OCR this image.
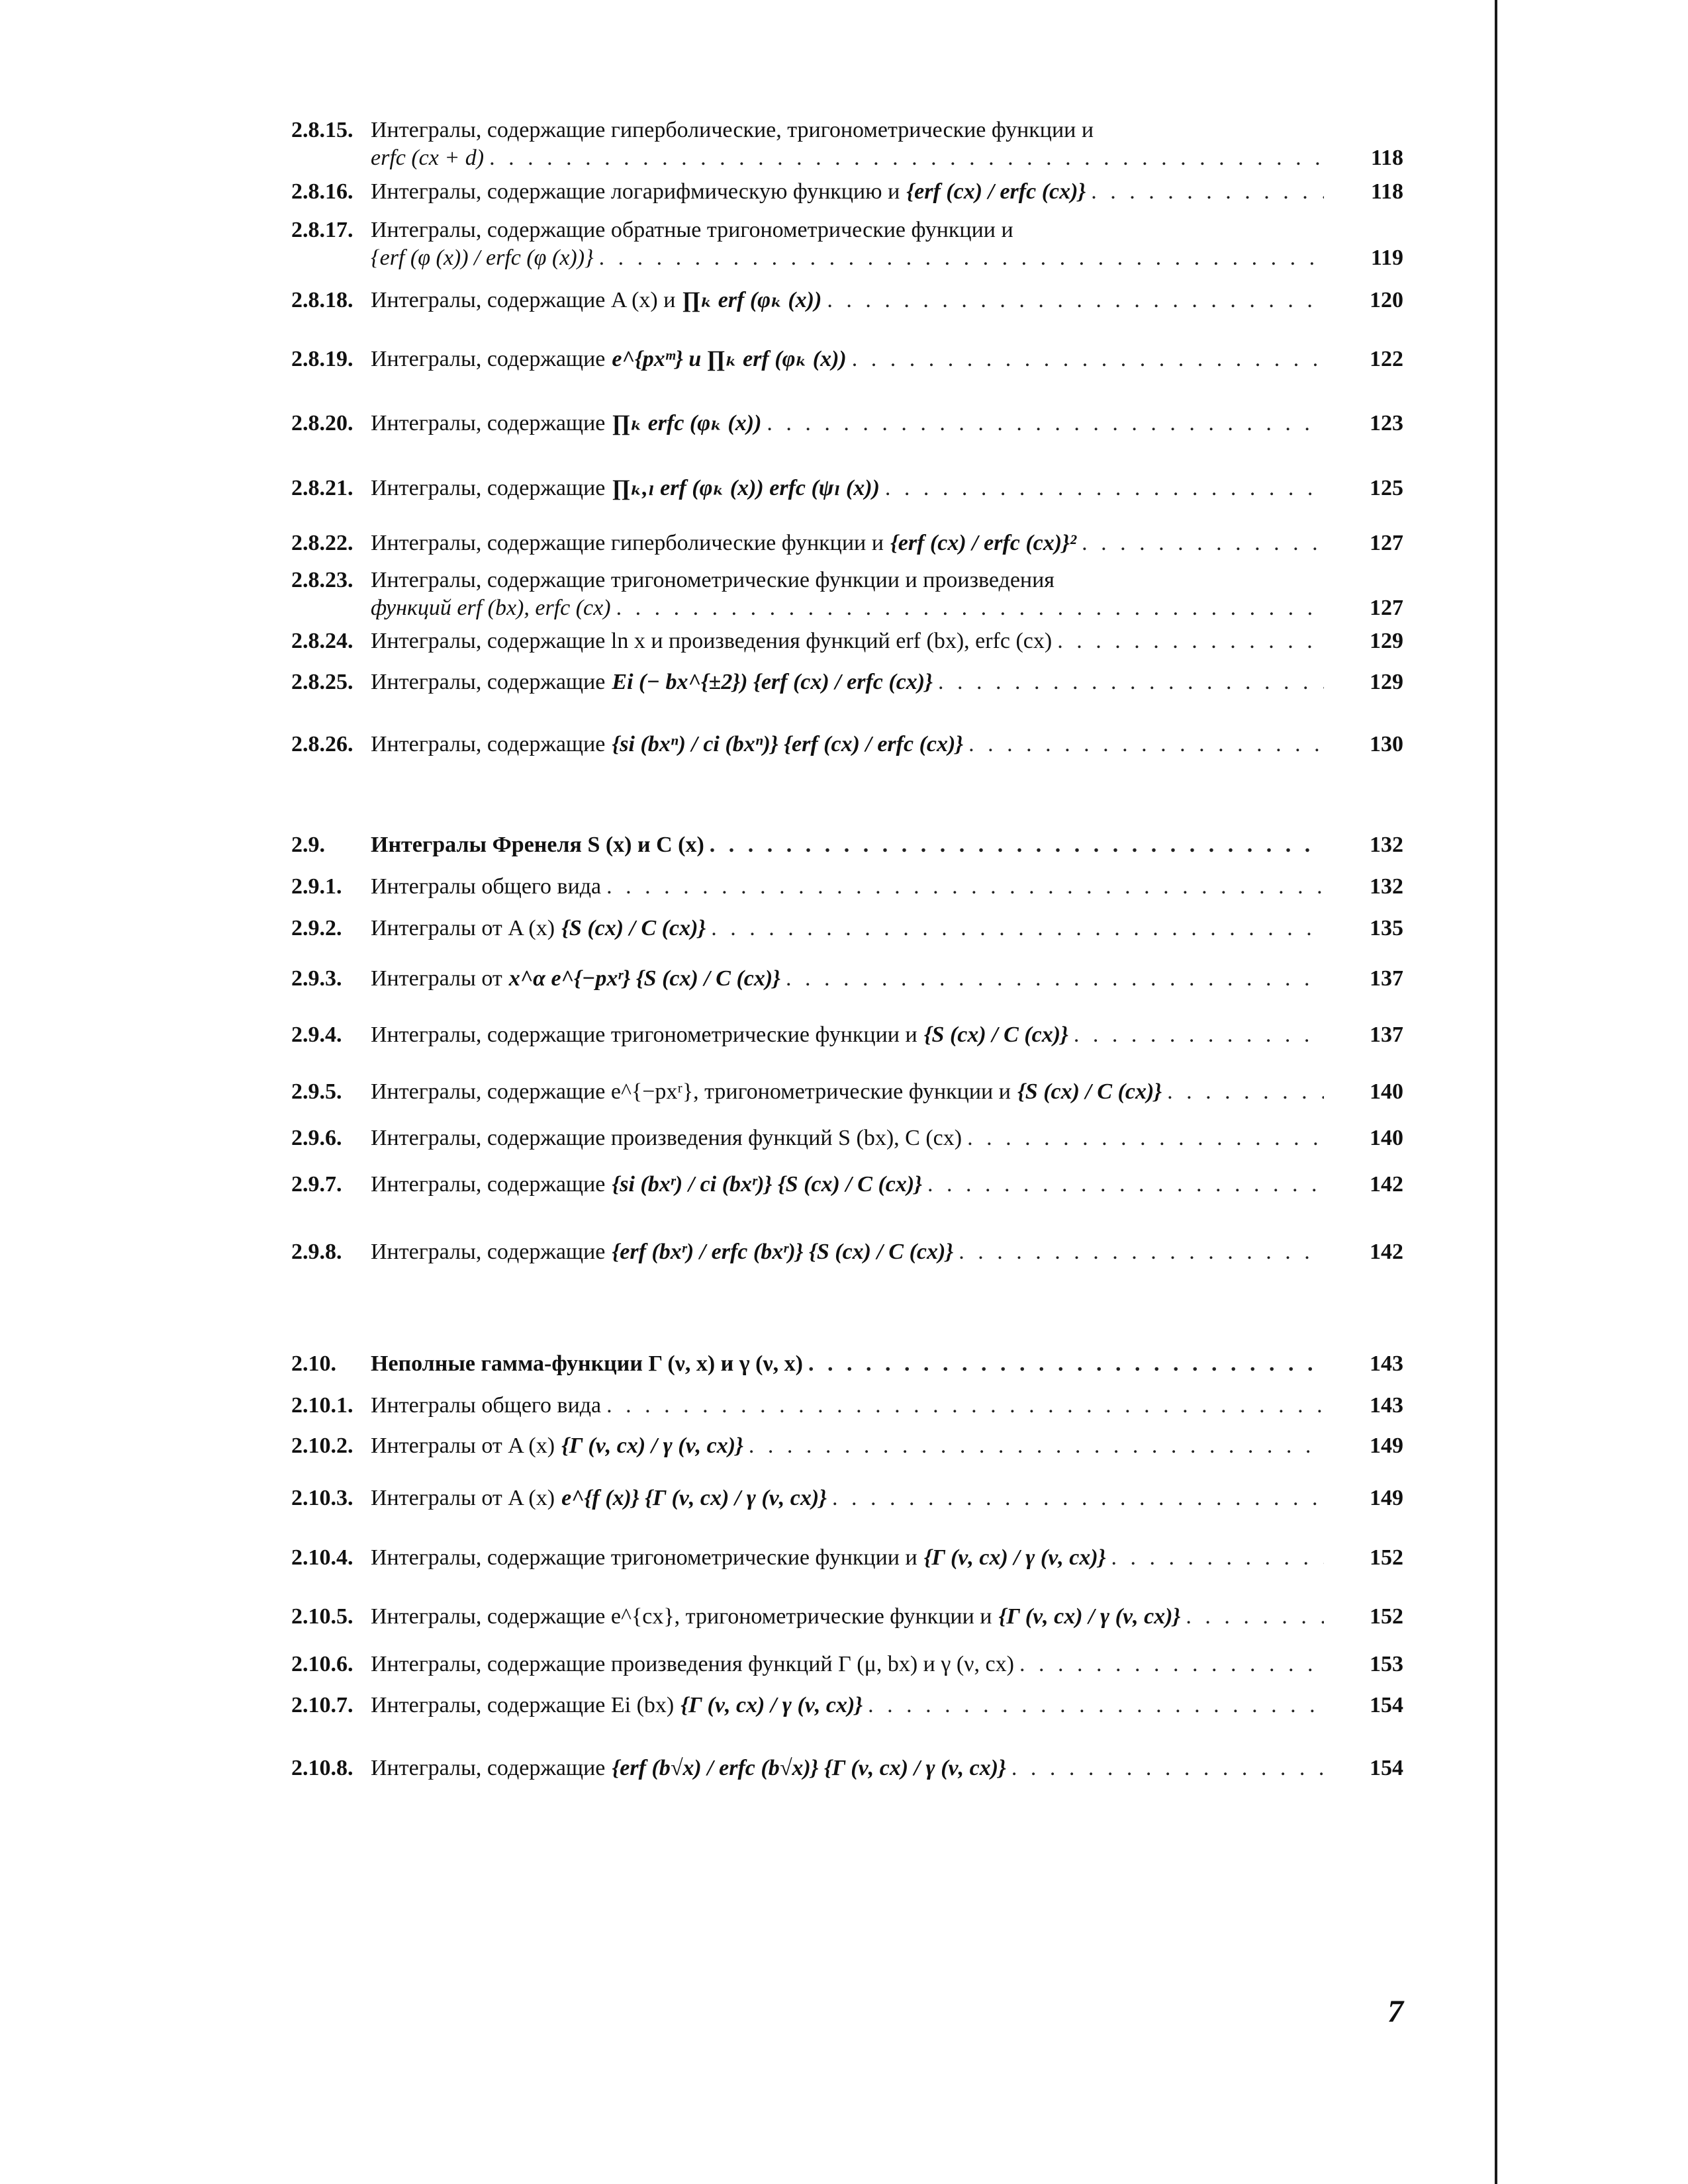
2.8.15. Интегралы, содержащие гиперболические, тригонометрические функции и
erfc (cx + d) . . .	118
2.8.16. Интегралы, содержащие логарифмическую функцию и {erf (cx) / erfc (cx)} . . .	118
2.8.17. Интегралы, содержащие обратные тригонометрические функции и
{erf (φ (x)) / erfc (φ (x))} . . .	119
2.8.18. Интегралы, содержащие A (x) и ∏ₖ erf (φₖ (x)) . . .	120
2.8.19. Интегралы, содержащие e^{pxᵐ} и ∏ₖ erf (φₖ (x)) . . .	122
2.8.20. Интегралы, содержащие ∏ₖ erfc (φₖ (x)) . . .	123
2.8.21. Интегралы, содержащие ∏ₖ,ₗ erf (φₖ (x)) erfc (ψₗ (x)) . . .	125
2.8.22. Интегралы, содержащие гиперболические функции и {erf (cx) / erfc (cx)}² . . .	127
2.8.23. Интегралы, содержащие тригонометрические функции и произведения
функций erf (bx), erfc (cx) . . .	127
2.8.24. Интегралы, содержащие ln x и произведения функций erf (bx), erfc (cx) . . .	129
2.8.25. Интегралы, содержащие Ei (− bx^{±2}) {erf (cx) / erfc (cx)} . . .	129
2.8.26. Интегралы, содержащие {si (bxⁿ) / ci (bxⁿ)} {erf (cx) / erfc (cx)} . . .	130
2.9.	Интегралы Френеля S (x) и C (x) . . .	132
2.9.1.	Интегралы общего вида . . .	132
2.9.2.	Интегралы от A (x) {S (cx) / C (cx)} . . .	135
2.9.3.	Интегралы от x^α e^{−pxʳ} {S (cx) / C (cx)} . . .	137
2.9.4.	Интегралы, содержащие тригонометрические функции и {S (cx) / C (cx)} . . .	137
2.9.5.	Интегралы, содержащие e^{−pxʳ}, тригонометрические функции и {S (cx) / C (cx)} . . .	140
2.9.6.	Интегралы, содержащие произведения функций S (bx), C (cx) . . .	140
2.9.7.	Интегралы, содержащие {si (bxʳ) / ci (bxʳ)} {S (cx) / C (cx)} . . .	142
2.9.8.	Интегралы, содержащие {erf (bxʳ) / erfc (bxʳ)} {S (cx) / C (cx)} . . .	142
2.10.	Неполные гамма-функции Γ (ν, x) и γ (ν, x) . . .	143
2.10.1. Интегралы общего вида . . .	143
2.10.2. Интегралы от A (x) {Γ (ν, cx) / γ (ν, cx)} . . .	149
2.10.3. Интегралы от A (x) e^{f (x)} {Γ (ν, cx) / γ (ν, cx)} . . .	149
2.10.4. Интегралы, содержащие тригонометрические функции и {Γ (ν, cx) / γ (ν, cx)} . . .	152
2.10.5. Интегралы, содержащие e^{cx}, тригонометрические функции и {Γ (ν, cx) / γ (ν, cx)} . . .	152
2.10.6. Интегралы, содержащие произведения функций Γ (μ, bx) и γ (ν, cx) . . .	153
2.10.7. Интегралы, содержащие Ei (bx) {Γ (ν, cx) / γ (ν, cx)} . . .	154
2.10.8. Интегралы, содержащие {erf (b√x) / erfc (b√x)} {Γ (ν, cx) / γ (ν, cx)} . . .	154
7
